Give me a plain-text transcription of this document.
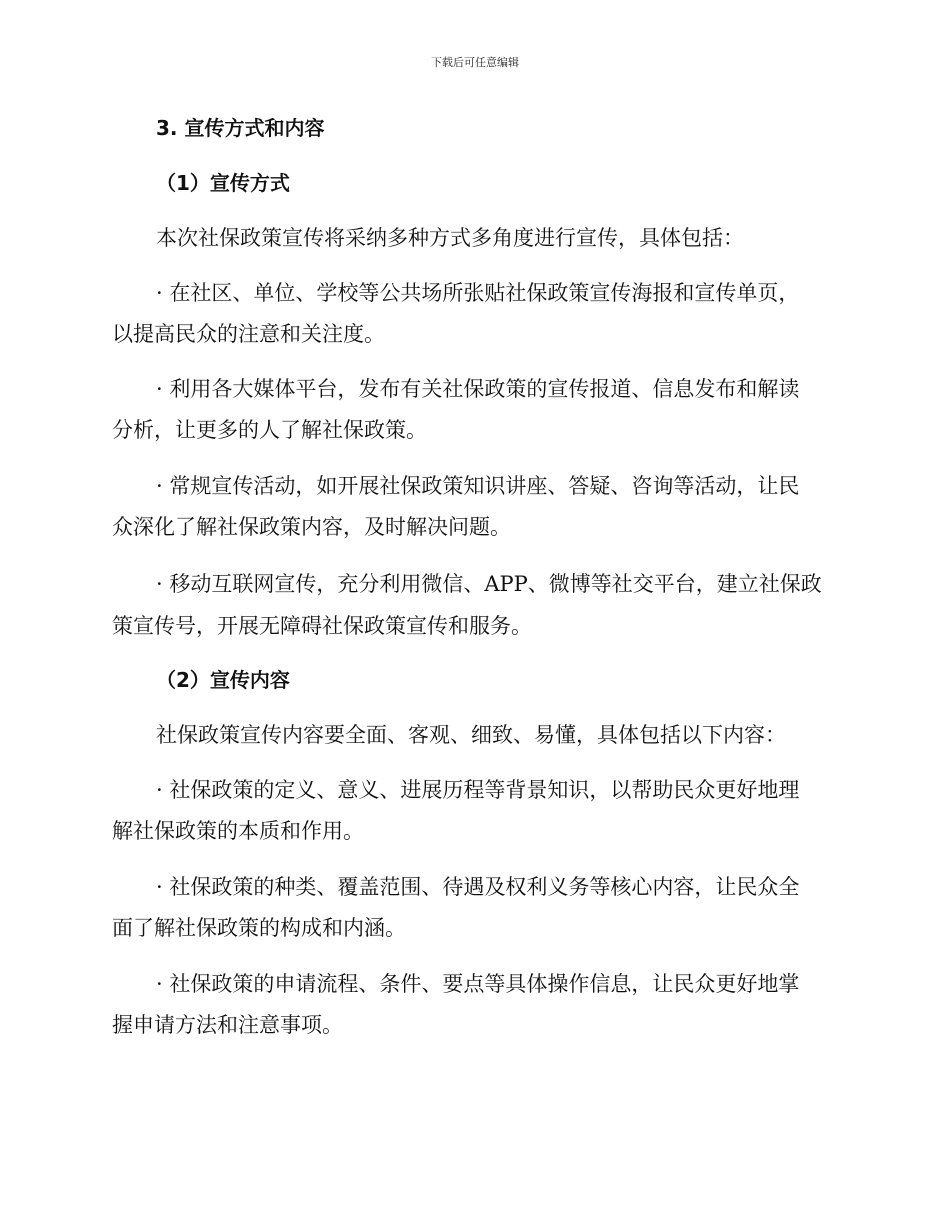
下载后可任意编辑
3. 宣传方式和内容
（1）宣传方式
本次社保政策宣传将采纳多种方式多角度进行宣传，具体包括：
· 在社区、单位、学校等公共场所张贴社保政策宣传海报和宣传单页，
以提高民众的注意和关注度。
· 利用各大媒体平台，发布有关社保政策的宣传报道、信息发布和解读
分析，让更多的人了解社保政策。
· 常规宣传活动，如开展社保政策知识讲座、答疑、咨询等活动，让民
众深化了解社保政策内容，及时解决问题。
· 移动互联网宣传，充分利用微信、APP、微博等社交平台，建立社保政
策宣传号，开展无障碍社保政策宣传和服务。
（2）宣传内容
社保政策宣传内容要全面、客观、细致、易懂，具体包括以下内容：
· 社保政策的定义、意义、进展历程等背景知识，以帮助民众更好地理
解社保政策的本质和作用。
· 社保政策的种类、覆盖范围、待遇及权利义务等核心内容，让民众全
面了解社保政策的构成和内涵。
· 社保政策的申请流程、条件、要点等具体操作信息，让民众更好地掌
握申请方法和注意事项。
